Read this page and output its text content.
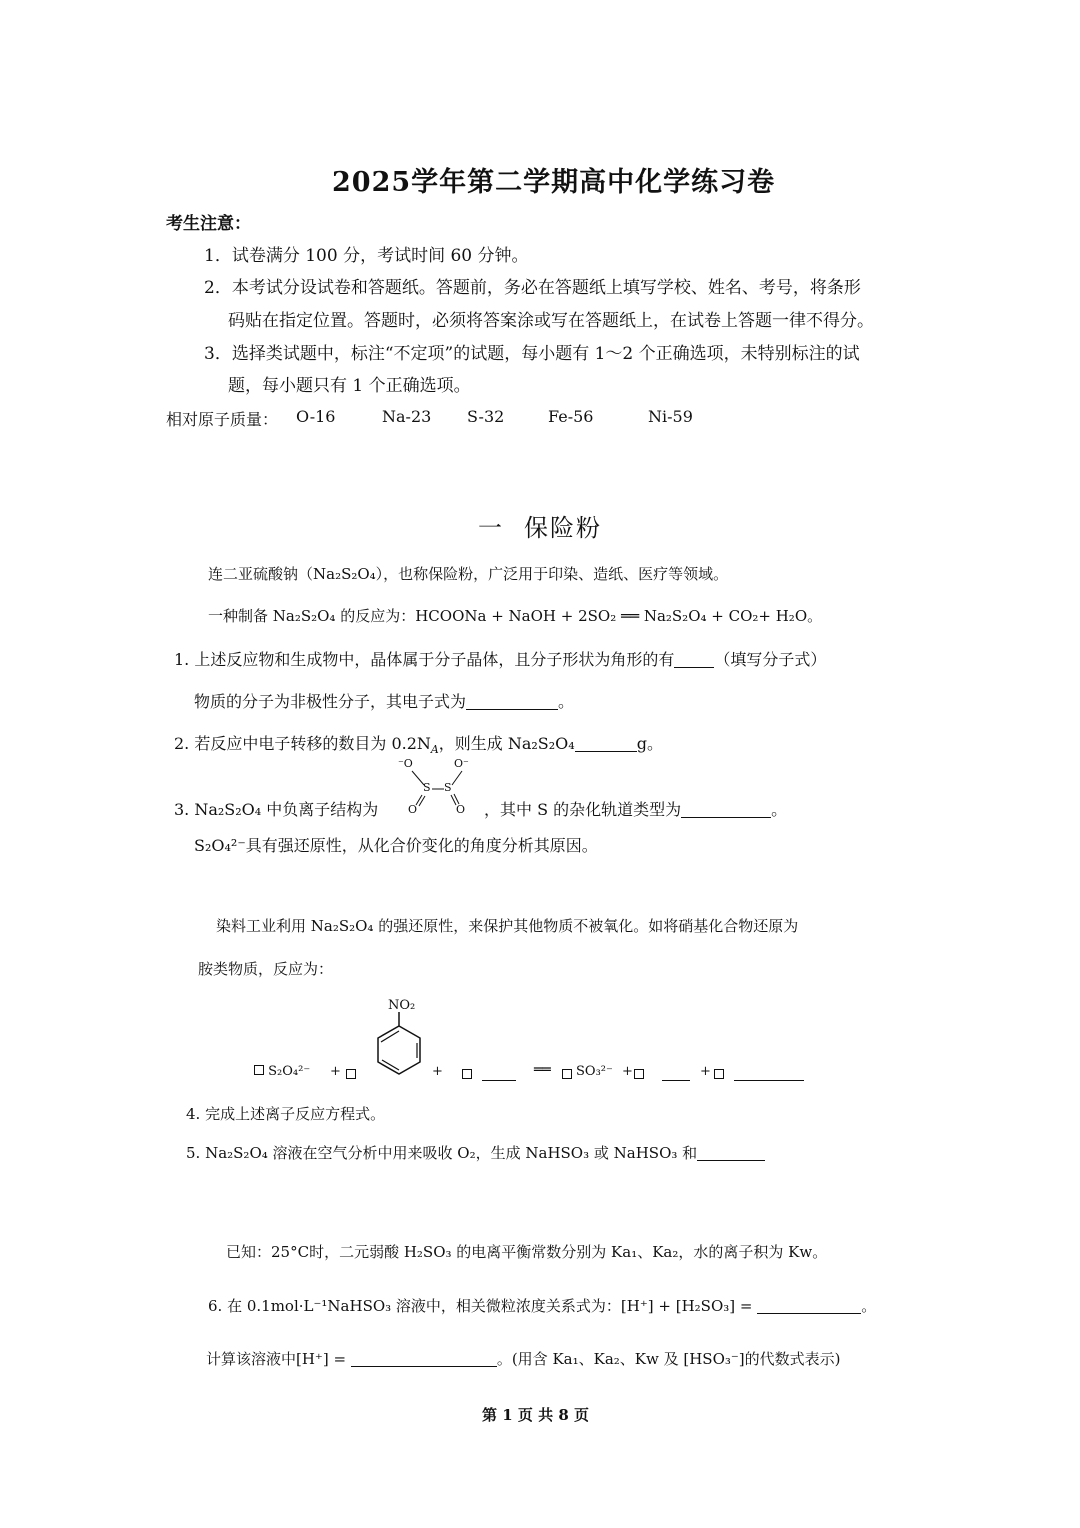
2025学年第二学期高中化学练习卷
考生注意：
1．试卷满分 100 分，考试时间 60 分钟。
2．本考试分设试卷和答题纸。答题前，务必在答题纸上填写学校、姓名、考号，将条形
码贴在指定位置。答题时，必须将答案涂或写在答题纸上，在试卷上答题一律不得分。
3．选择类试题中，标注“不定项”的试题，每小题有 1～2 个正确选项，未特别标注的试
题，每小题只有 1 个正确选项。
相对原子质量： O-16	Na-23 S-32	Fe-56	Ni-59
一 保险粉
连二亚硫酸钠（Na₂S₂O₄），也称保险粉，广泛用于印染、造纸、医疗等领域。
一种制备 Na₂S₂O₄ 的反应为：HCOONa + NaOH + 2SO₂ ══ Na₂S₂O₄ + CO₂+ H₂O。
1. 上述反应物和生成物中，晶体属于分子晶体，且分子形状为角形的有	（填写分子式）
物质的分子为非极性分子，其电子式为	。
2. 若反应中电子转移的数目为 $0.2N_A$，则生成 Na₂S₂O₄	g。
3. Na₂S₂O₄ 中负离子结构为
⁻O	O⁻
S S
O	O ，其中 S 的杂化轨道类型为	。
S₂O₄²⁻具有强还原性，从化合价变化的角度分析其原因。
染料工业利用 Na₂S₂O₄ 的强还原性，来保护其他物质不被氧化。如将硝基化合物还原为
胺类物质，反应为：
NO₂
S₂O₄²⁻ +	+	══ SO₃²⁻ +	+
4. 完成上述离子反应方程式。
5. Na₂S₂O₄ 溶液在空气分析中用来吸收 O₂，生成 NaHSO₃ 或 NaHSO₃ 和
已知：25°C时，二元弱酸 H₂SO₃ 的电离平衡常数分别为 Ka₁、Ka₂，水的离子积为 Kw。
6. 在 0.1mol·L⁻¹NaHSO₃ 溶液中，相关微粒浓度关系式为：[H⁺] + [H₂SO₃] =	。
计算该溶液中[H⁺] =	。(用含 Ka₁、Ka₂、Kw 及 [HSO₃⁻]的代数式表示)
第 1 页 共 8 页
